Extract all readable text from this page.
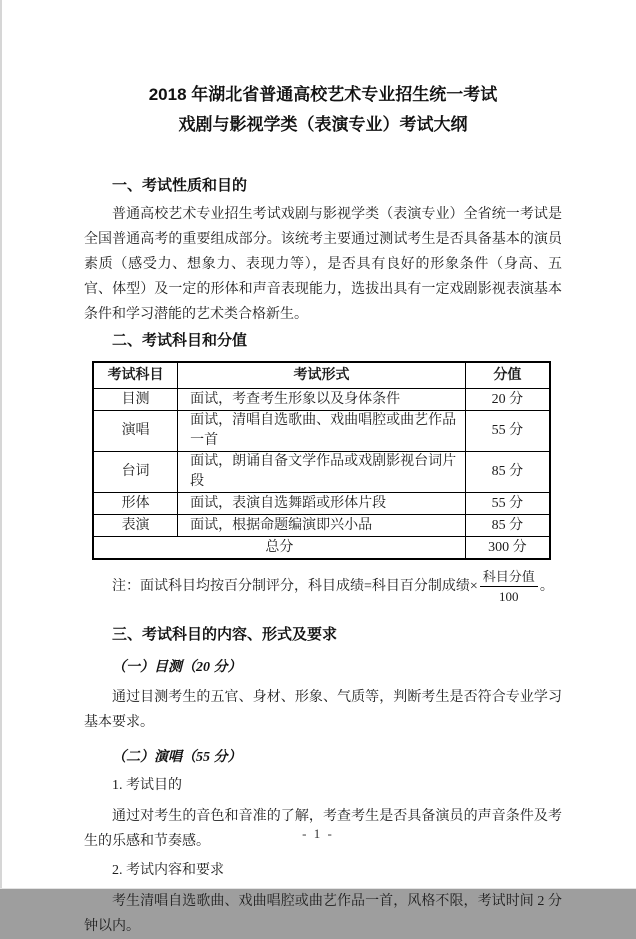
2018 年湖北省普通高校艺术专业招生统一考试
戏剧与影视学类（表演专业）考试大纲
一、考试性质和目的

普通高校艺术专业招生考试戏剧与影视学类（表演专业）全省统一考试是全国普通高考的重要组成部分。该统考主要通过测试考生是否具备基本的演员素质（感受力、想象力、表现力等），是否具有良好的形象条件（身高、五官、体型）及一定的形体和声音表现能力，选拔出具有一定戏剧影视表演基本条件和学习潜能的艺术类合格新生。

二、考试科目和分值
考试科目	考试形式	分值
目测	面试，考查考生形象以及身体条件	20 分
演唱	面试，清唱自选歌曲、戏曲唱腔或曲艺作品一首	55 分
台词	面试，朗诵自备文学作品或戏剧影视台词片段	85 分
形体	面试，表演自选舞蹈或形体片段	55 分
表演	面试，根据命题编演即兴小品	85 分
总分		300 分
注：面试科目均按百分制评分，科目成绩=科目百分制成绩× $\frac{\text{科目分值}}{100}$ 。
三、考试科目的内容、形式及要求
（一）目测（20 分）

通过目测考生的五官、身材、形象、气质等，判断考生是否符合专业学习基本要求。

（二）演唱（55 分）
1. 考试目的

通过对考生的音色和音准的了解，考查考生是否具备演员的声音条件及考生的乐感和节奏感。

2. 考试内容和要求

考生清唱自选歌曲、戏曲唱腔或曲艺作品一首，风格不限，考试时间 2 分钟以内。

- 1 -
